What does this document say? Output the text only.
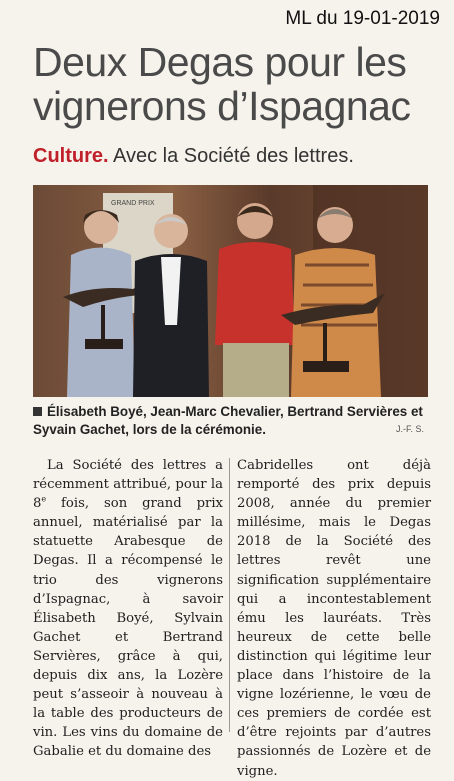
ML du 19-01-2019
Deux Degas pour les vignerons d’Ispagnac
Culture. Avec la Société des lettres.
GRAND PRIX
Élisabeth Boyé, Jean-Marc Chevalier, Bertrand Servières et Syvain Gachet, lors de la cérémonie.	J.-F. S.
La Société des lettres a récemment attribué, pour la 8e fois, son grand prix annuel, matérialisé par la statuette Arabesque de Degas. Il a récompensé le trio des vignerons d’Ispagnac, à savoir Élisabeth Boyé, Sylvain Gachet et Bertrand Servières, grâce à qui, depuis dix ans, la Lozère peut s’asseoir à nouveau à la table des producteurs de vin. Les vins du domaine de Gabalie et du domaine des
Cabridelles ont déjà remporté des prix depuis 2008, année du premier millésime, mais le Degas 2018 de la Société des lettres revêt une signification supplémentaire qui a incontestablement ému les lauréats. Très heureux de cette belle distinction qui légitime leur place dans l’histoire de la vigne lozérienne, le vœu de ces premiers de cordée est d’être rejoints par d’autres passionnés de Lozère et de vigne.
